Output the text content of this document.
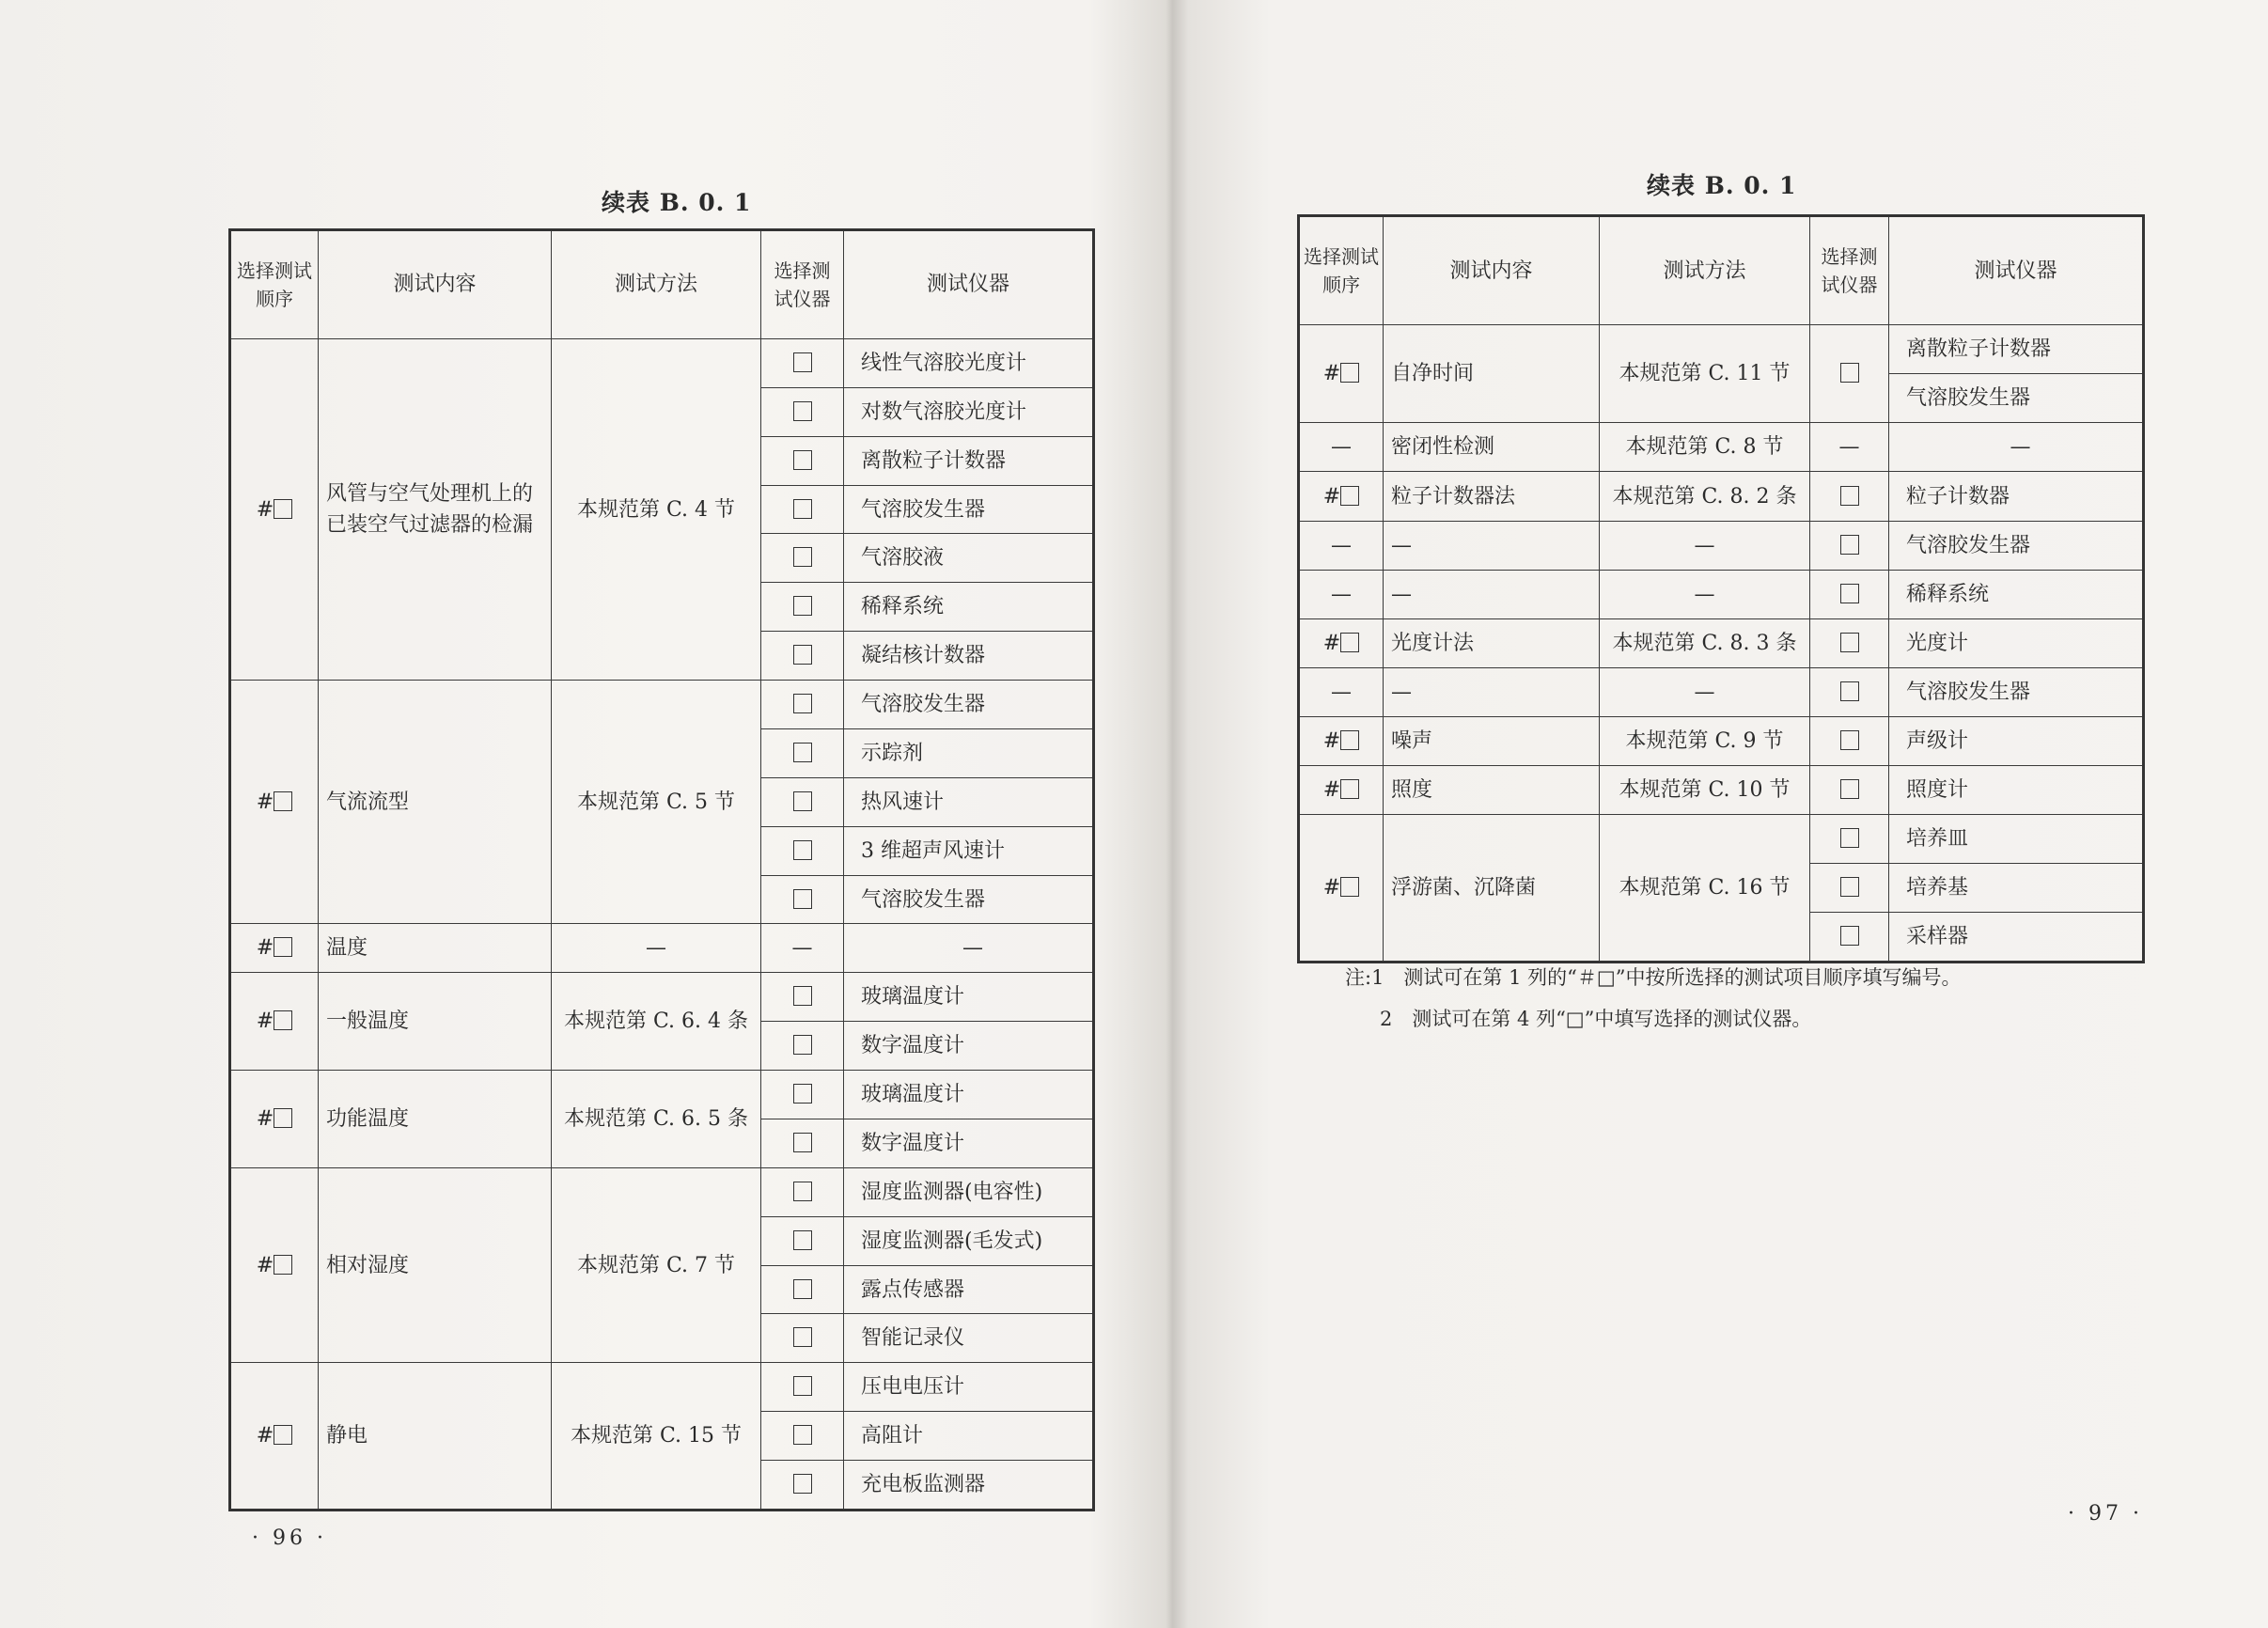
续表 B. 0. 1
选择测试顺序	测试内容	测试方法	选择测试仪器	测试仪器
#	风管与空气处理机上的已装空气过滤器的检漏	本规范第 C. 4 节		线性气溶胶光度计
				对数气溶胶光度计
				离散粒子计数器
				气溶胶发生器
				气溶胶液
				稀释系统
				凝结核计数器
#	气流流型	本规范第 C. 5 节		气溶胶发生器
				示踪剂
				热风速计
				3 维超声风速计
				气溶胶发生器
#	温度	—	—	—
#	一般温度	本规范第 C. 6. 4 条		玻璃温度计
				数字温度计
#	功能温度	本规范第 C. 6. 5 条		玻璃温度计
				数字温度计
#	相对湿度	本规范第 C. 7 节		湿度监测器(电容性)
				湿度监测器(毛发式)
				露点传感器
				智能记录仪
#	静电	本规范第 C. 15 节		压电电压计
				高阻计
				充电板监测器
· 96 ·
续表 B. 0. 1
选择测试顺序	测试内容	测试方法	选择测试仪器	测试仪器
#	自净时间	本规范第 C. 11 节		离散粒子计数器
				气溶胶发生器
—	密闭性检测	本规范第 C. 8 节	—	—
#	粒子计数器法	本规范第 C. 8. 2 条		粒子计数器
—	—	—		气溶胶发生器
—	—	—		稀释系统
#	光度计法	本规范第 C. 8. 3 条		光度计
—	—	—		气溶胶发生器
#	噪声	本规范第 C. 9 节		声级计
#	照度	本规范第 C. 10 节		照度计
#	浮游菌、沉降菌	本规范第 C. 16 节		培养皿
				培养基
				采样器
注:1　测试可在第 1 列的“＃□”中按所选择的测试项目顺序填写编号。
2　测试可在第 4 列“□”中填写选择的测试仪器。
· 97 ·
